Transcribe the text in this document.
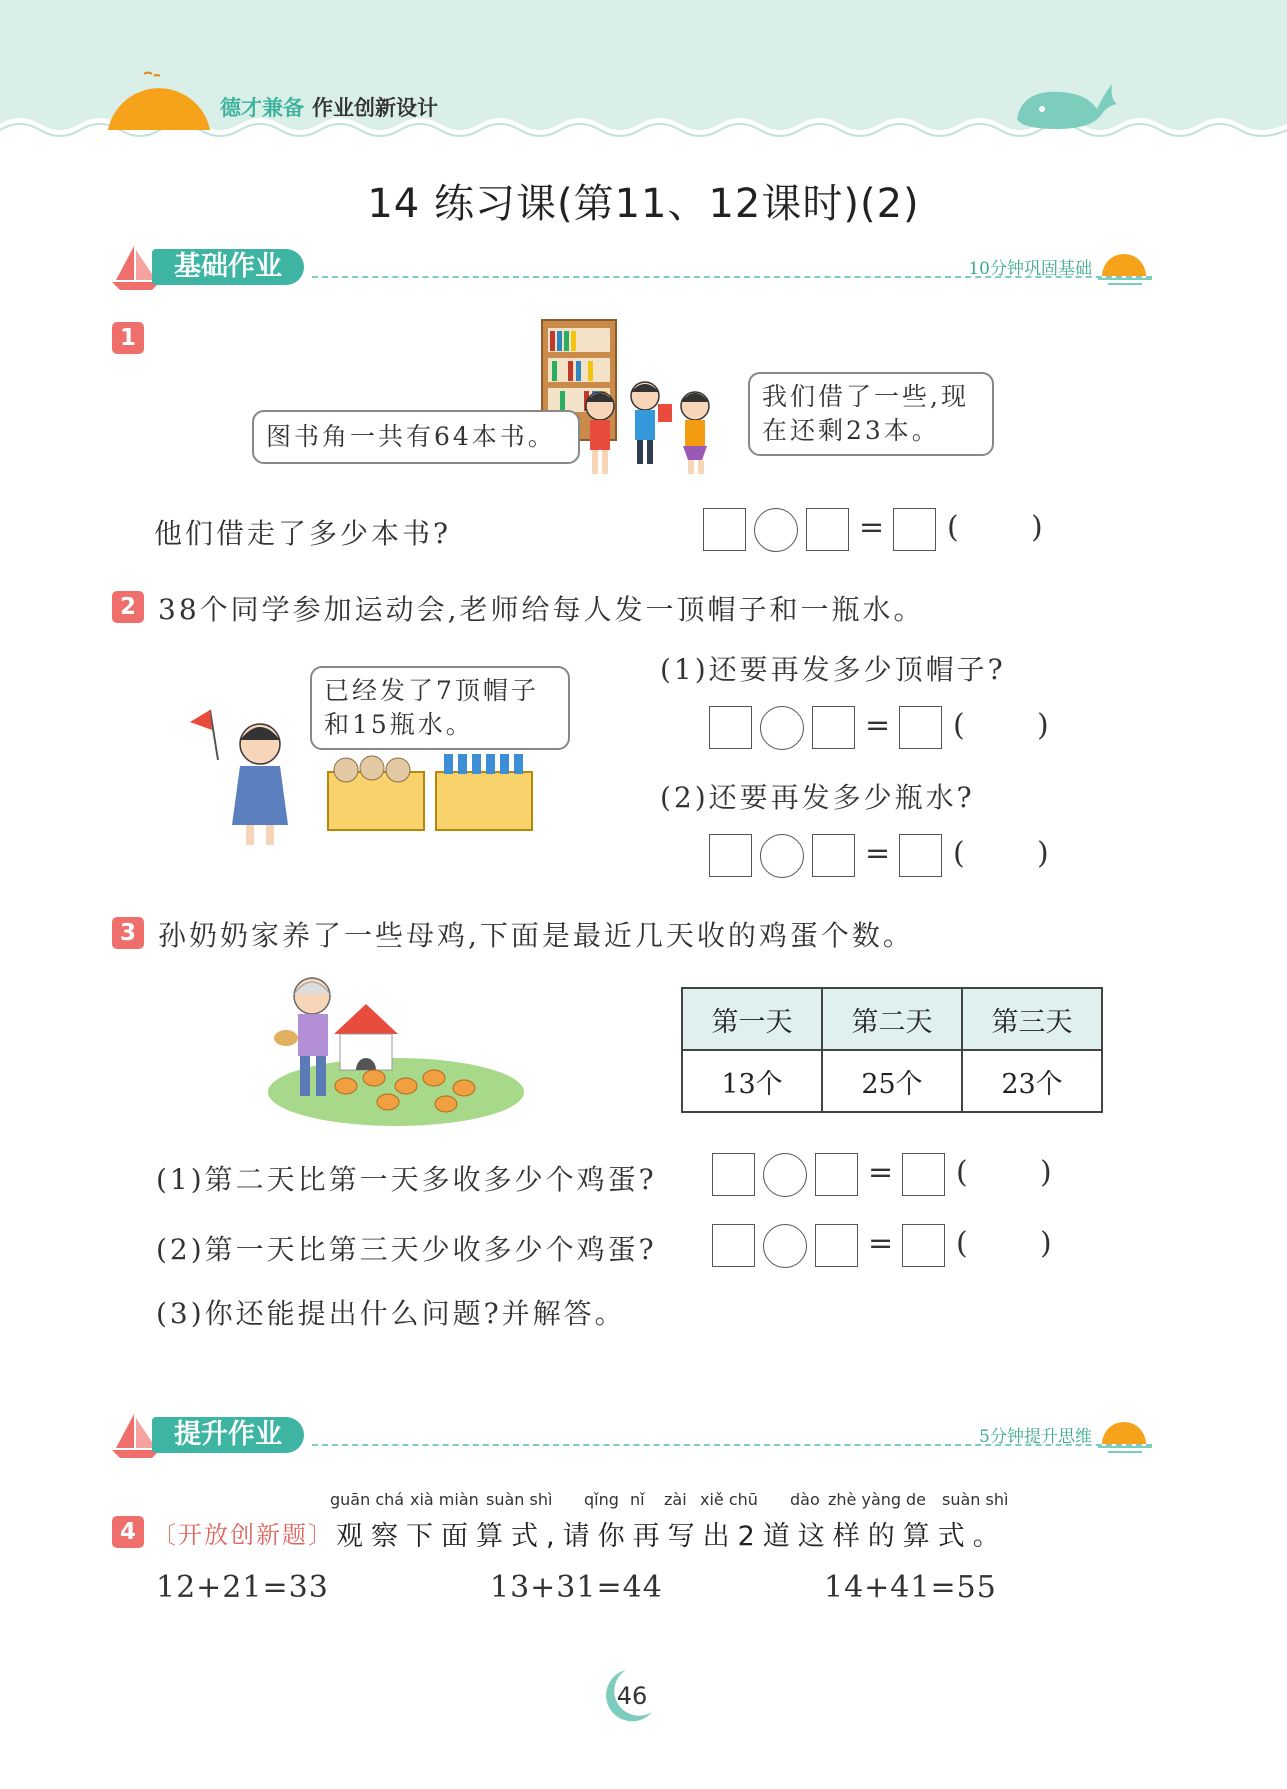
德才兼备 作业创新设计
14 练习课(第11、12课时)(2)
基础作业	10分钟巩固基础
1
图书角一共有64本书。
我们借了一些,现
在还剩23本。
他们借走了多少本书?	= ( )
2 38个同学参加运动会,老师给每人发一顶帽子和一瓶水。
已经发了7顶帽子
和15瓶水。
(1)还要再发多少顶帽子?
= ( )
(2)还要再发多少瓶水?
= ( )
3 孙奶奶家养了一些母鸡,下面是最近几天收的鸡蛋个数。
第一天	第二天	第三天
13个	25个	23个
(1)第二天比第一天多收多少个鸡蛋?	= ( )
(2)第一天比第三天少收多少个鸡蛋?	= ( )
(3)你还能提出什么问题?并解答。
提升作业	5分钟提升思维
4 〔开放创新题〕
guān chá xià miàn suàn shì qǐng nǐ zài xiě chū dào zhè yàng de suàn shì
观察下面算式,请你再写出2道这样的算式。
12+21=33	13+31=44	14+41=55
46
